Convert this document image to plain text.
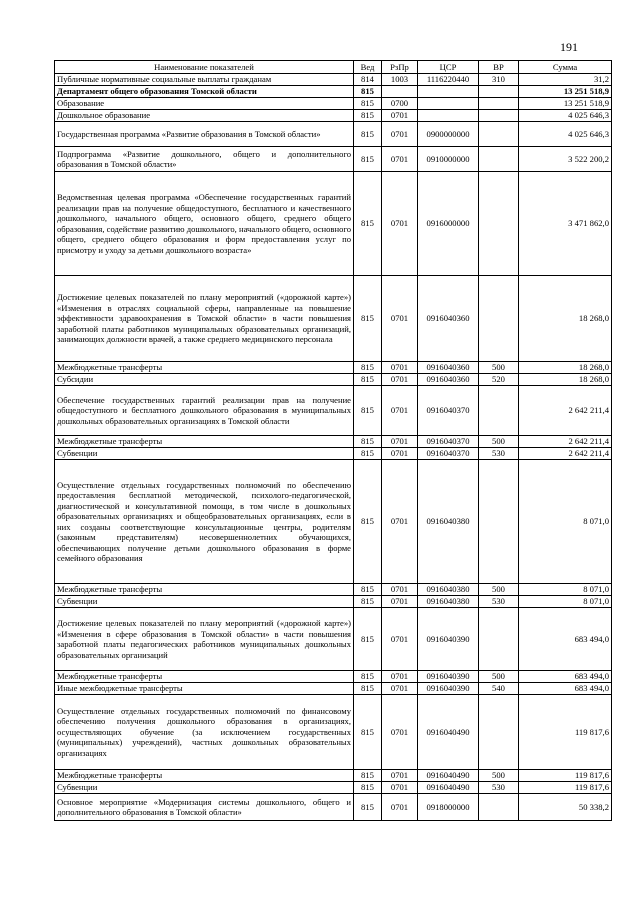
191
Наименование показателей	Вед	РзПр	ЦСР	ВР	Сумма
Публичные нормативные социальные выплаты гражданам	814	1003	1116220440	310	31,2
Департамент общего образования Томской области	815				13 251 518,9
Образование	815	0700			13 251 518,9
Дошкольное образование	815	0701			4 025 646,3
Государственная программа «Развитие образования в Томской области»	815	0701	0900000000		4 025 646,3
Подпрограмма «Развитие дошкольного, общего и дополнительного образования в Томской области»	815	0701	0910000000		3 522 200,2
Ведомственная целевая программа «Обеспечение государственных гарантий реализации прав на получение общедоступного, бесплатного и качественного дошкольного, начального общего, основного общего, среднего общего образования, содействие развитию дошкольного, начального общего, основного общего, среднего общего образования и форм предоставления услуг по присмотру и уходу за детьми дошкольного возраста»	815	0701	0916000000		3 471 862,0
Достижение целевых показателей по плану мероприятий («дорожной карте») «Изменения в отраслях социальной сферы, направленные на повышение эффективности здравоохранения в Томской области» в части повышения заработной платы работников муниципальных образовательных организаций, занимающих должности врачей, а также среднего медицинского персонала	815	0701	0916040360		18 268,0
Межбюджетные трансферты	815	0701	0916040360	500	18 268,0
Субсидии	815	0701	0916040360	520	18 268,0
Обеспечение государственных гарантий реализации прав на получение общедоступного и бесплатного дошкольного образования в муниципальных дошкольных образовательных организациях в Томской области	815	0701	0916040370		2 642 211,4
Межбюджетные трансферты	815	0701	0916040370	500	2 642 211,4
Субвенции	815	0701	0916040370	530	2 642 211,4
Осуществление отдельных государственных полномочий по обеспечению предоставления бесплатной методической, психолого-педагогической, диагностической и консультативной помощи, в том числе в дошкольных образовательных организациях и общеобразовательных организациях, если в них созданы соответствующие консультационные центры, родителям (законным представителям) несовершеннолетних обучающихся, обеспечивающих получение детьми дошкольного образования в форме семейного образования	815	0701	0916040380		8 071,0
Межбюджетные трансферты	815	0701	0916040380	500	8 071,0
Субвенции	815	0701	0916040380	530	8 071,0
Достижение целевых показателей по плану мероприятий («дорожной карте») «Изменения в сфере образования в Томской области» в части повышения заработной платы педагогических работников муниципальных дошкольных образовательных организаций	815	0701	0916040390		683 494,0
Межбюджетные трансферты	815	0701	0916040390	500	683 494,0
Иные межбюджетные трансферты	815	0701	0916040390	540	683 494,0
Осуществление отдельных государственных полномочий по финансовому обеспечению получения дошкольного образования в организациях, осуществляющих обучение (за исключением государственных (муниципальных) учреждений), частных дошкольных образовательных организациях	815	0701	0916040490		119 817,6
Межбюджетные трансферты	815	0701	0916040490	500	119 817,6
Субвенции	815	0701	0916040490	530	119 817,6
Основное мероприятие «Модернизация системы дошкольного, общего и дополнительного образования в Томской области»	815	0701	0918000000		50 338,2
